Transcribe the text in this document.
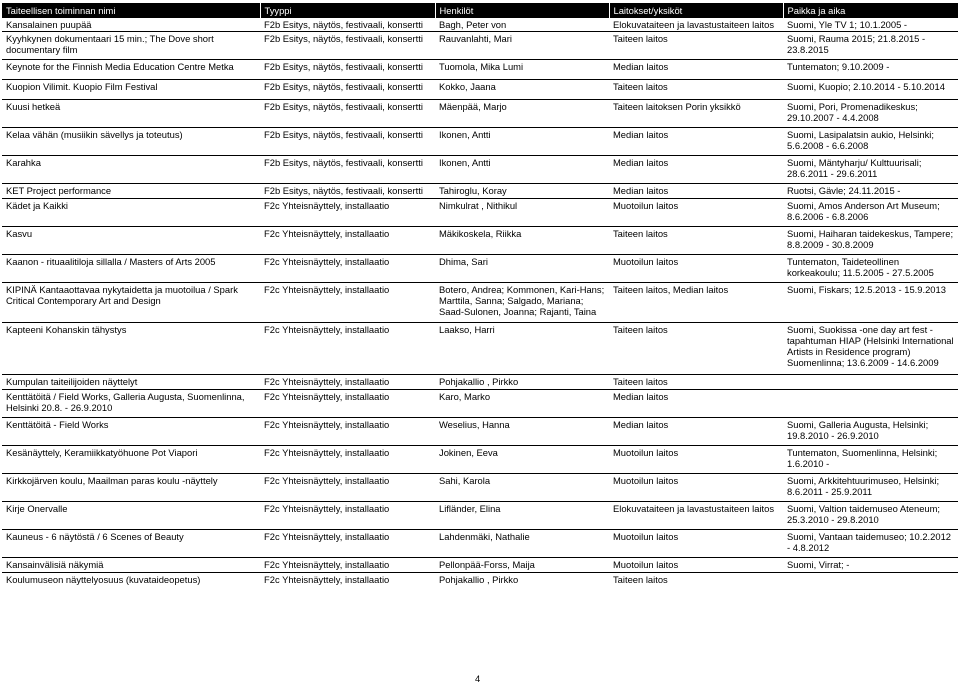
Taiteellisen toiminnan nimi	Tyyppi	Henkilöt	Laitokset/yksiköt	Paikka ja aika
Kansalainen puupää	F2b Esitys, näytös, festivaali, konsertti	Bagh, Peter von	Elokuvataiteen ja lavastustaiteen laitos	Suomi, Yle TV 1; 10.1.2005 -
Kyyhkynen dokumentaari 15 min.; The Dove short documentary film	F2b Esitys, näytös, festivaali, konsertti	Rauvanlahti, Mari	Taiteen laitos	Suomi, Rauma 2015; 21.8.2015 - 23.8.2015
Keynote for the Finnish Media Education Centre Metka	F2b Esitys, näytös, festivaali, konsertti	Tuomola, Mika Lumi	Median laitos	Tuntematon; 9.10.2009 -
Kuopion Vilimit. Kuopio Film Festival	F2b Esitys, näytös, festivaali, konsertti	Kokko, Jaana	Taiteen laitos	Suomi, Kuopio; 2.10.2014 - 5.10.2014
Kuusi hetkeä	F2b Esitys, näytös, festivaali, konsertti	Mäenpää, Marjo	Taiteen laitoksen Porin yksikkö	Suomi, Pori, Promenadikeskus; 29.10.2007 - 4.4.2008
Kelaa vähän (musiikin sävellys ja toteutus)	F2b Esitys, näytös, festivaali, konsertti	Ikonen, Antti	Median laitos	Suomi, Lasipalatsin aukio, Helsinki; 5.6.2008 - 6.6.2008
Karahka	F2b Esitys, näytös, festivaali, konsertti	Ikonen, Antti	Median laitos	Suomi, Mäntyharju/ Kulttuurisali; 28.6.2011 - 29.6.2011
KET Project performance	F2b Esitys, näytös, festivaali, konsertti	Tahiroglu, Koray	Median laitos	Ruotsi, Gävle; 24.11.2015 -
Kädet ja Kaikki	F2c Yhteisnäyttely, installaatio	Nimkulrat , Nithikul	Muotoilun laitos	Suomi, Amos Anderson Art Museum; 8.6.2006 - 6.8.2006
Kasvu	F2c Yhteisnäyttely, installaatio	Mäkikoskela, Riikka	Taiteen laitos	Suomi, Haiharan taidekeskus, Tampere; 8.8.2009 - 30.8.2009
Kaanon - rituaalitiloja sillalla / Masters of Arts 2005	F2c Yhteisnäyttely, installaatio	Dhima, Sari	Muotoilun laitos	Tuntematon, Taideteollinen korkeakoulu; 11.5.2005 - 27.5.2005
KIPINÄ Kantaaottavaa nykytaidetta ja muotoilua / Spark Critical Contemporary Art and Design	F2c Yhteisnäyttely, installaatio	Botero, Andrea; Kommonen, Kari-Hans; Marttila, Sanna; Salgado, Mariana; Saad-Sulonen, Joanna; Rajanti, Taina	Taiteen laitos, Median laitos	Suomi, Fiskars; 12.5.2013 - 15.9.2013
Kapteeni Kohanskin tähystys	F2c Yhteisnäyttely, installaatio	Laakso, Harri	Taiteen laitos	Suomi, Suokissa -one day art fest - tapahtuman HIAP (Helsinki International Artists in Residence program) Suomenlinna; 13.6.2009 - 14.6.2009
Kumpulan taiteilijoiden näyttelyt	F2c Yhteisnäyttely, installaatio	Pohjakallio , Pirkko	Taiteen laitos	
Kenttätöitä / Field Works, Galleria Augusta, Suomenlinna, Helsinki 20.8. - 26.9.2010	F2c Yhteisnäyttely, installaatio	Karo, Marko	Median laitos	
Kenttätöitä - Field Works	F2c Yhteisnäyttely, installaatio	Weselius, Hanna	Median laitos	Suomi, Galleria Augusta, Helsinki; 19.8.2010 - 26.9.2010
Kesänäyttely, Keramiikkatyöhuone Pot Viapori	F2c Yhteisnäyttely, installaatio	Jokinen, Eeva	Muotoilun laitos	Tuntematon, Suomenlinna, Helsinki; 1.6.2010 -
Kirkkojärven koulu, Maailman paras koulu -näyttely	F2c Yhteisnäyttely, installaatio	Sahi, Karola	Muotoilun laitos	Suomi, Arkkitehtuurimuseo, Helsinki; 8.6.2011 - 25.9.2011
Kirje Onervalle	F2c Yhteisnäyttely, installaatio	Lifländer, Elina	Elokuvataiteen ja lavastustaiteen laitos	Suomi, Valtion taidemuseo Ateneum; 25.3.2010 - 29.8.2010
Kauneus - 6 näytöstä / 6 Scenes of Beauty	F2c Yhteisnäyttely, installaatio	Lahdenmäki, Nathalie	Muotoilun laitos	Suomi, Vantaan taidemuseo; 10.2.2012 - 4.8.2012
Kansainvälisiä näkymiä	F2c Yhteisnäyttely, installaatio	Pellonpää-Forss, Maija	Muotoilun laitos	Suomi, Virrat; -
Koulumuseon näyttelyosuus (kuvataideopetus)	F2c Yhteisnäyttely, installaatio	Pohjakallio , Pirkko	Taiteen laitos	
4
